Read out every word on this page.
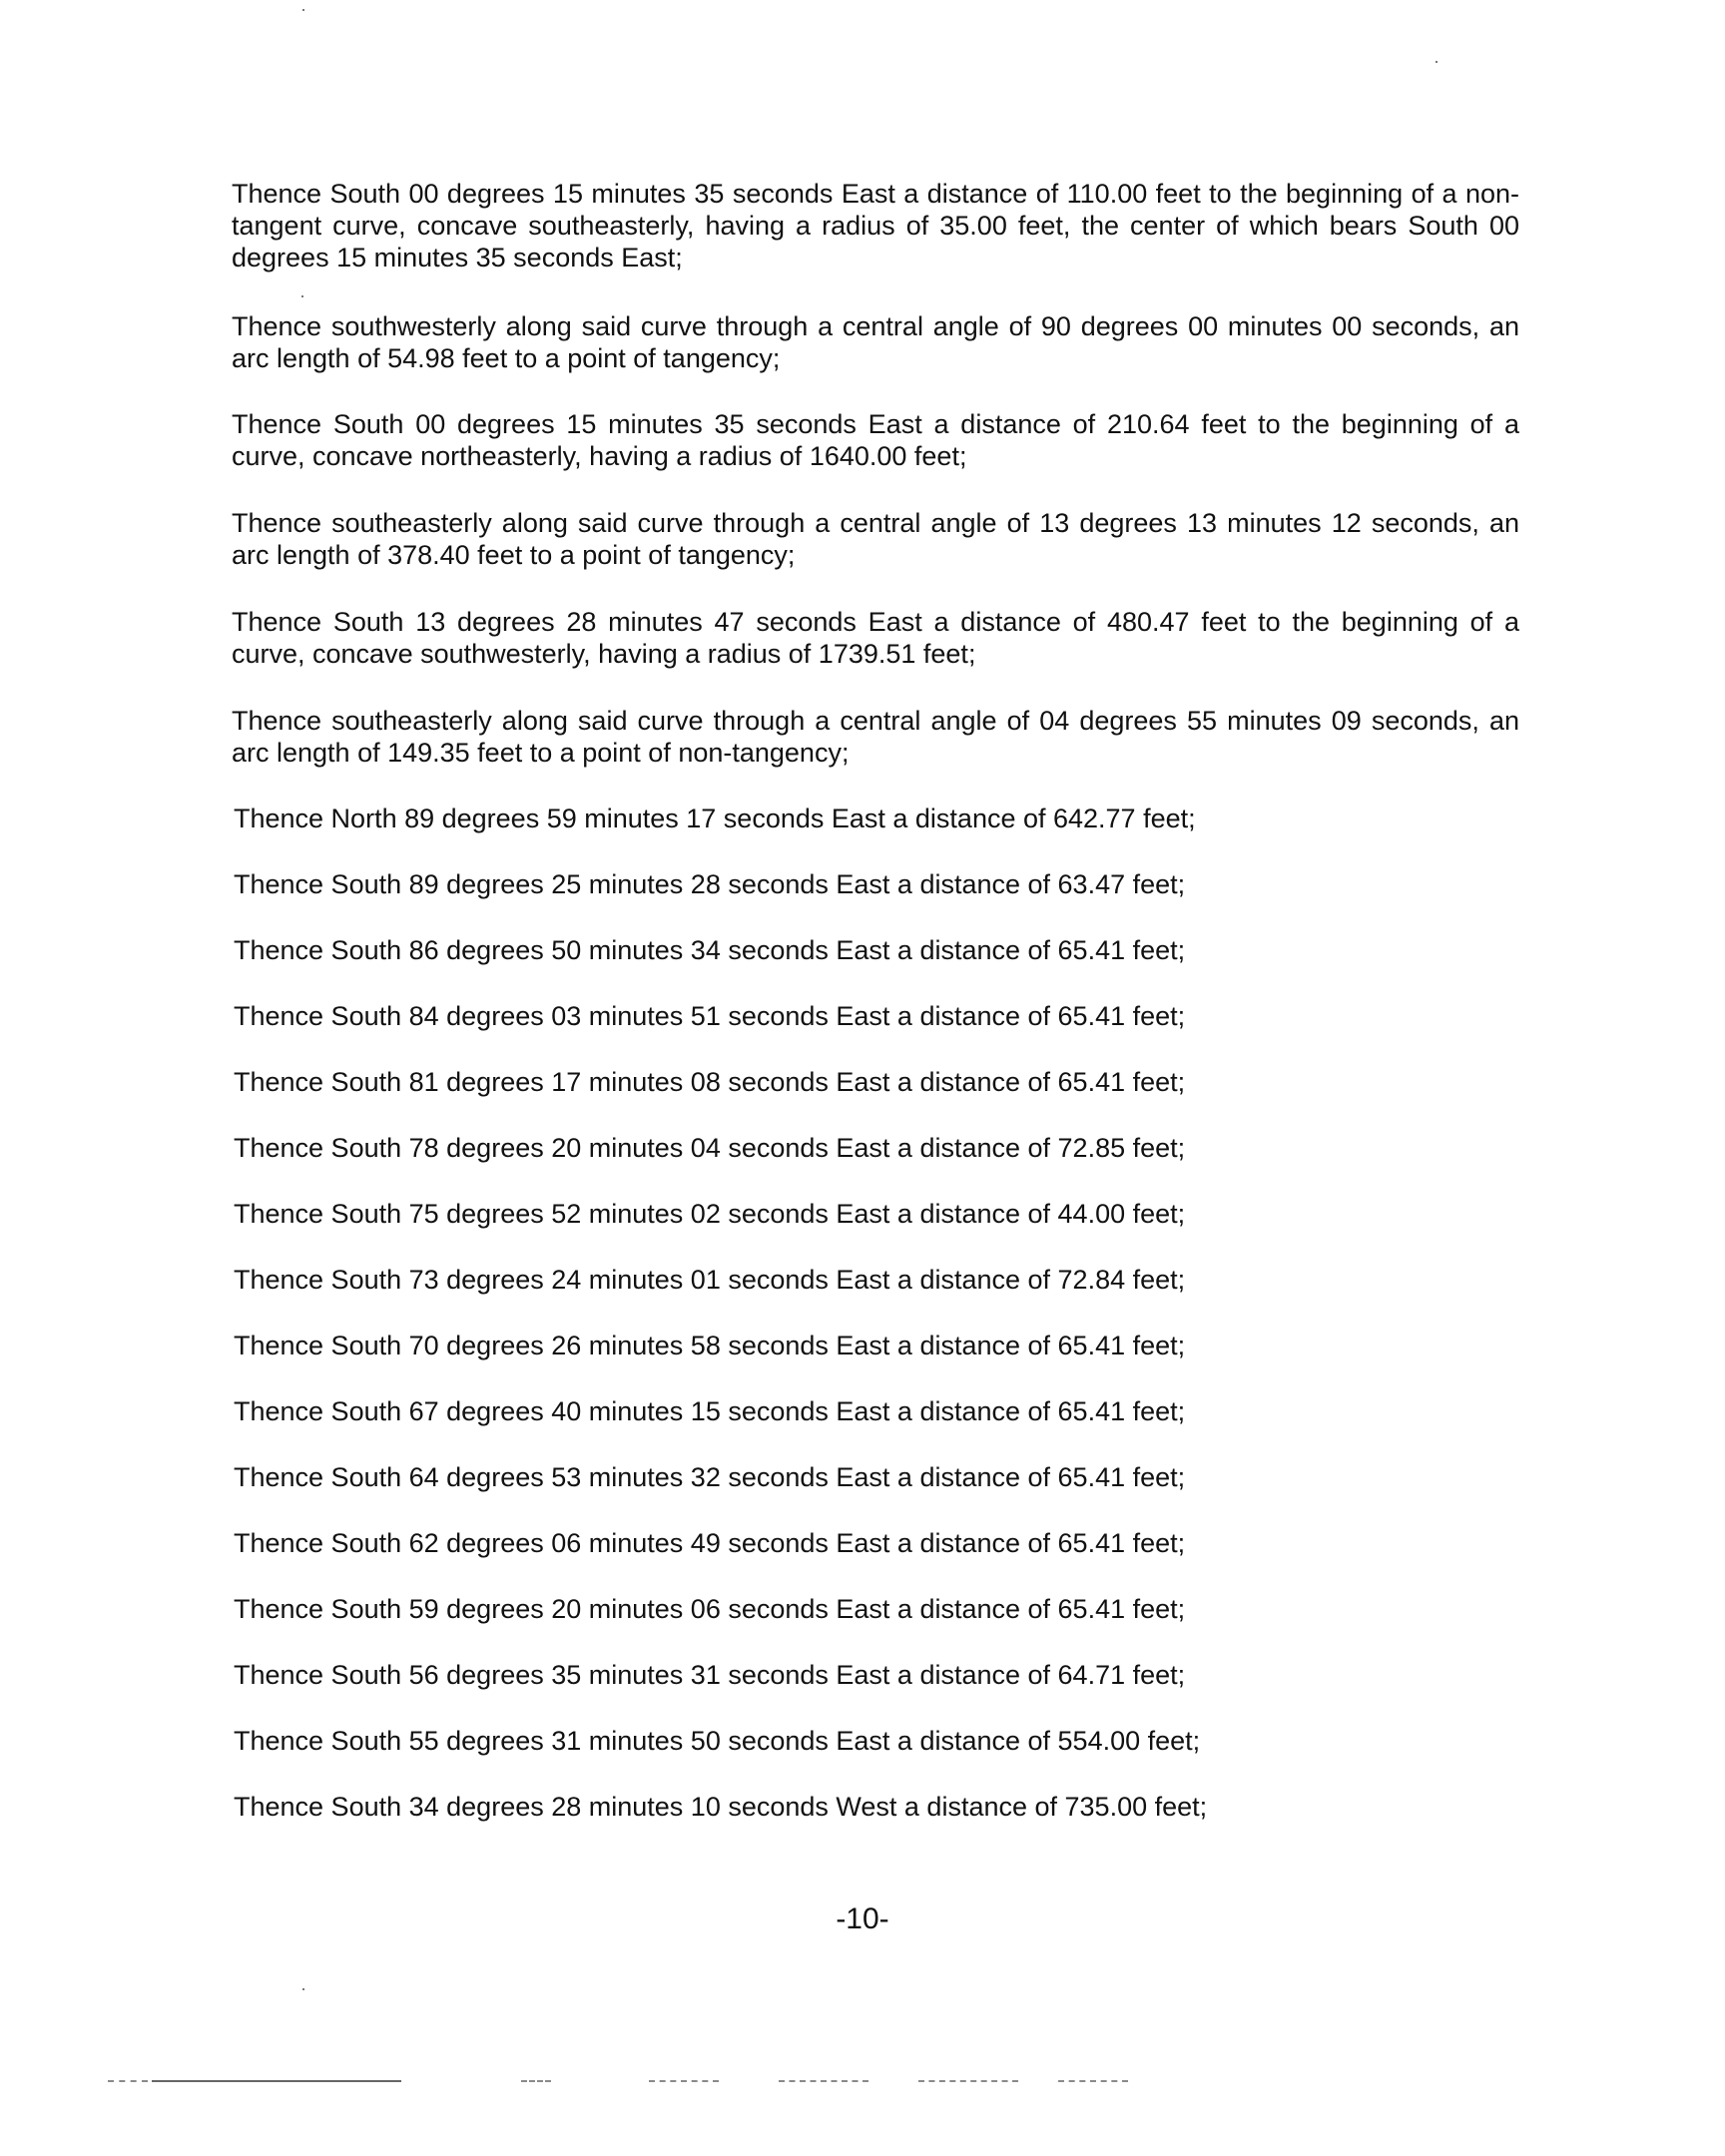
Thence South 00 degrees 15 minutes 35 seconds East a distance of 110.00 feet to the beginning of a non-tangent curve, concave southeasterly, having a radius of 35.00 feet, the center of which bears South 00 degrees 15 minutes 35 seconds East;

Thence southwesterly along said curve through a central angle of 90 degrees 00 minutes 00 seconds, an arc length of 54.98 feet to a point of tangency;

Thence South 00 degrees 15 minutes 35 seconds East a distance of 210.64 feet to the beginning of a curve, concave northeasterly, having a radius of 1640.00 feet;

Thence southeasterly along said curve through a central angle of 13 degrees 13 minutes 12 seconds, an arc length of 378.40 feet to a point of tangency;

Thence South 13 degrees 28 minutes 47 seconds East a distance of 480.47 feet to the beginning of a curve, concave southwesterly, having a radius of 1739.51 feet;

Thence southeasterly along said curve through a central angle of 04 degrees 55 minutes 09 seconds, an arc length of 149.35 feet to a point of non-tangency;

Thence North 89 degrees 59 minutes 17 seconds East a distance of 642.77 feet;

Thence South 89 degrees 25 minutes 28 seconds East a distance of 63.47 feet;

Thence South 86 degrees 50 minutes 34 seconds East a distance of 65.41 feet;

Thence South 84 degrees 03 minutes 51 seconds East a distance of 65.41 feet;

Thence South 81 degrees 17 minutes 08 seconds East a distance of 65.41 feet;

Thence South 78 degrees 20 minutes 04 seconds East a distance of 72.85 feet;

Thence South 75 degrees 52 minutes 02 seconds East a distance of 44.00 feet;

Thence South 73 degrees 24 minutes 01 seconds East a distance of 72.84 feet;

Thence South 70 degrees 26 minutes 58 seconds East a distance of 65.41 feet;

Thence South 67 degrees 40 minutes 15 seconds East a distance of 65.41 feet;

Thence South 64 degrees 53 minutes 32 seconds East a distance of 65.41 feet;

Thence South 62 degrees 06 minutes 49 seconds East a distance of 65.41 feet;

Thence South 59 degrees 20 minutes 06 seconds East a distance of 65.41 feet;

Thence South 56 degrees 35 minutes 31 seconds East a distance of 64.71 feet;

Thence South 55 degrees 31 minutes 50 seconds East a distance of 554.00 feet;

Thence South 34 degrees 28 minutes 10 seconds West a distance of 735.00 feet;

-10-
